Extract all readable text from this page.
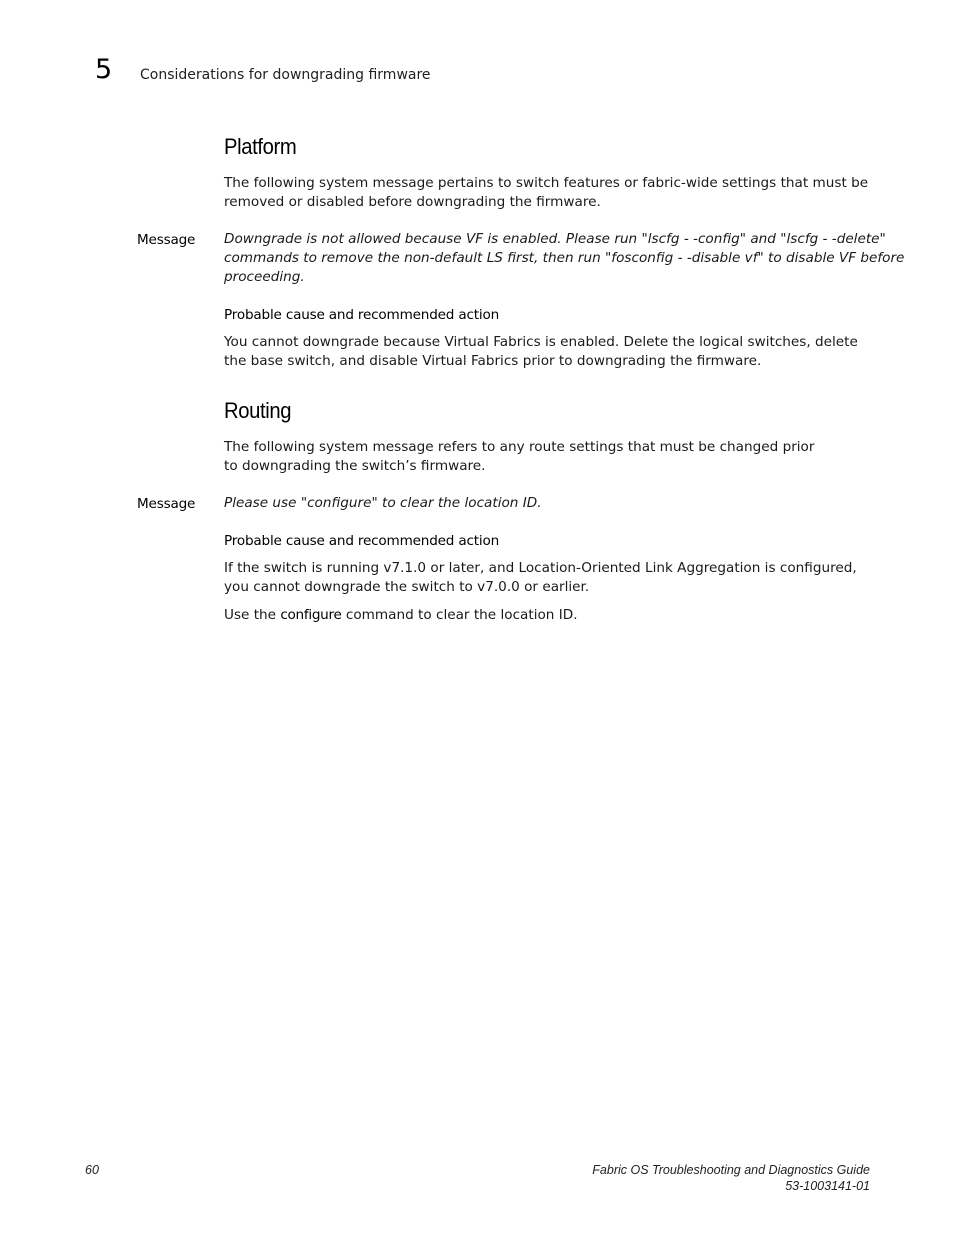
5 Considerations for downgrading firmware
Platform
The following system message pertains to switch features or fabric-wide settings that must be removed or disabled before downgrading the firmware.
Message Downgrade is not allowed because VF is enabled. Please run "lscfg - -config" and "lscfg - -delete"
commands to remove the non-default LS first, then run "fosconfig - -disable vf" to disable VF before
proceeding.
Probable cause and recommended action
You cannot downgrade because Virtual Fabrics is enabled. Delete the logical switches, delete the base switch, and disable Virtual Fabrics prior to downgrading the firmware.
Routing
The following system message refers to any route settings that must be changed prior to downgrading the switch’s firmware.
Message Please use "configure" to clear the location ID.
Probable cause and recommended action
If the switch is running v7.1.0 or later, and Location-Oriented Link Aggregation is configured, you cannot downgrade the switch to v7.0.0 or earlier.
Use the configure command to clear the location ID.
60	Fabric OS Troubleshooting and Diagnostics Guide
53-1003141-01
